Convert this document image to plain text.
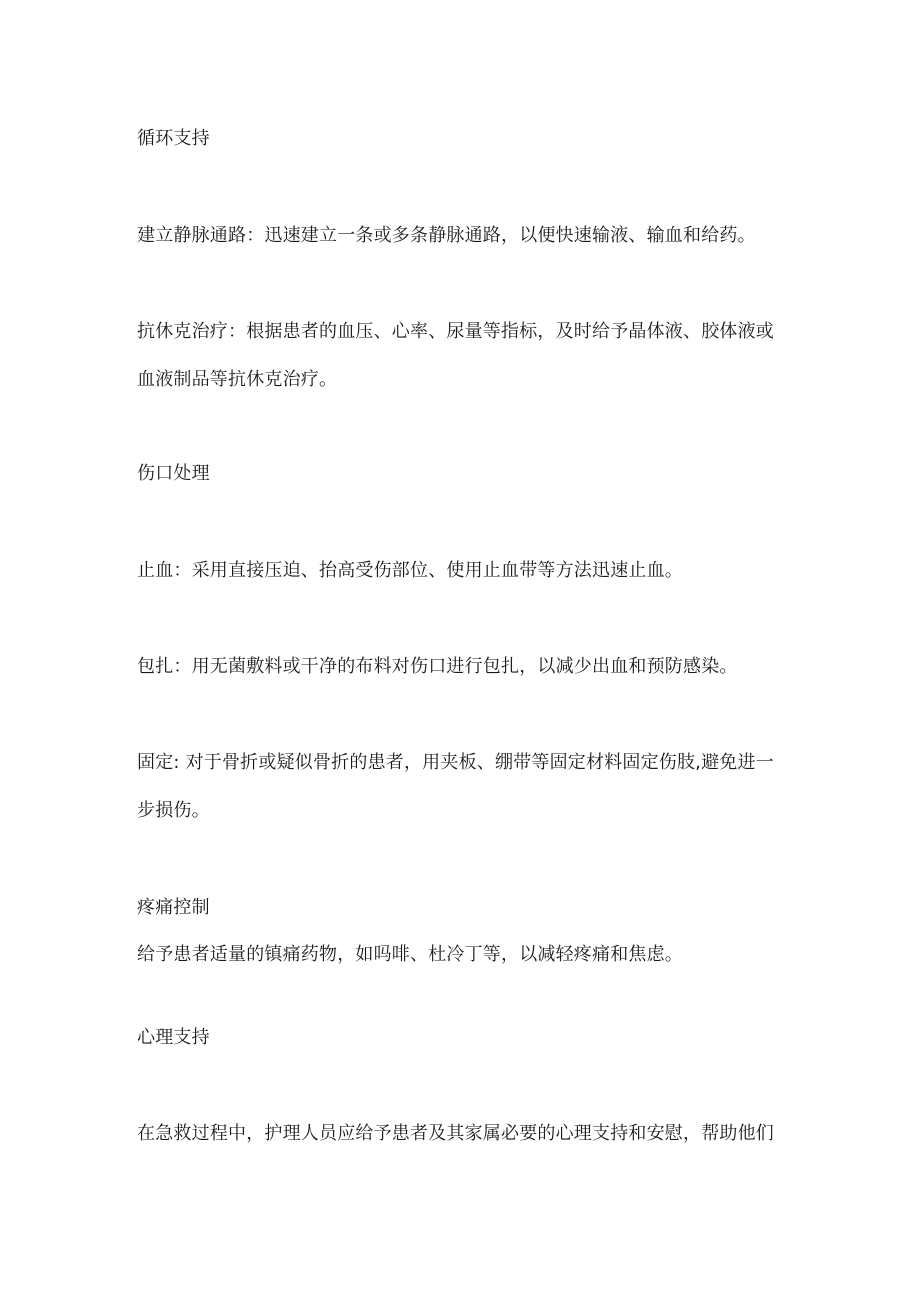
循环支持
建立静脉通路：迅速建立一条或多条静脉通路，以便快速输液、输血和给药。
抗休克治疗：根据患者的血压、心率、尿量等指标，及时给予晶体液、胶体液或
血液制品等抗休克治疗。
伤口处理
止血：采用直接压迫、抬高受伤部位、使用止血带等方法迅速止血。
包扎：用无菌敷料或干净的布料对伤口进行包扎，以减少出血和预防感染。
固定: 对于骨折或疑似骨折的患者，用夹板、绷带等固定材料固定伤肢,避免进一
步损伤。
疼痛控制
给予患者适量的镇痛药物，如吗啡、杜冷丁等，以减轻疼痛和焦虑。
心理支持
在急救过程中，护理人员应给予患者及其家属必要的心理支持和安慰，帮助他们
